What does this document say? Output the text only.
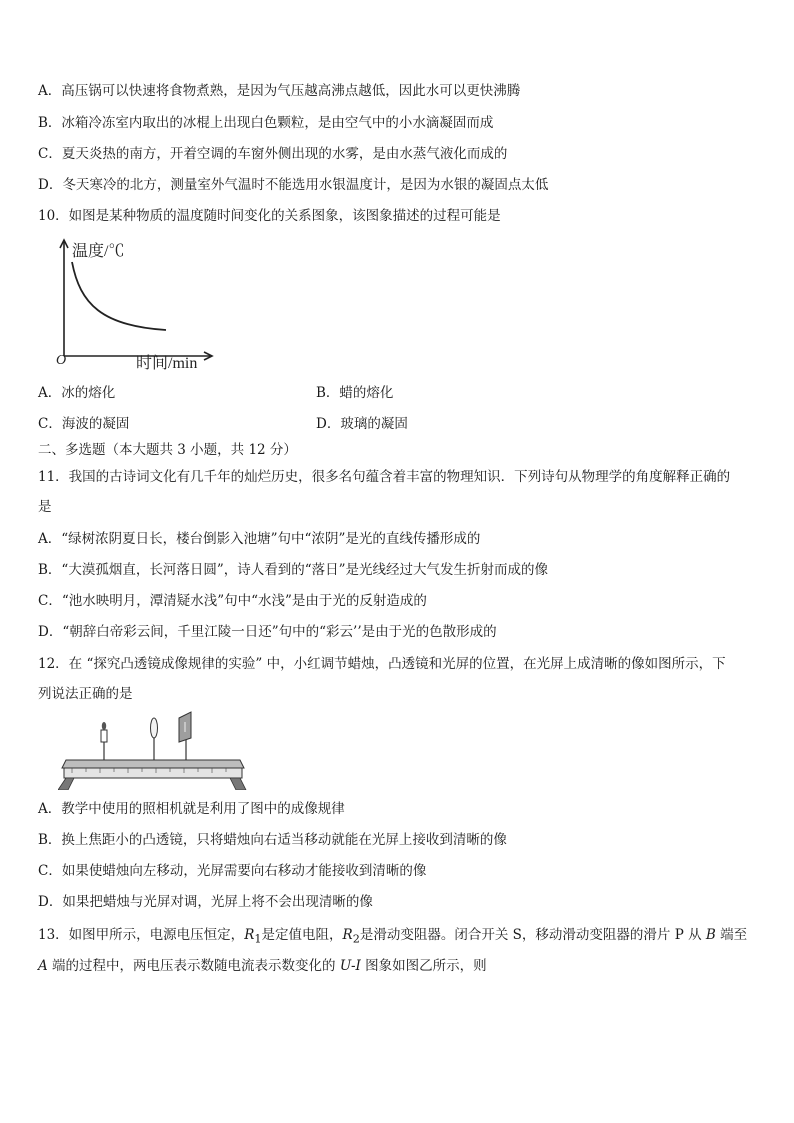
A．高压锅可以快速将食物煮熟，是因为气压越高沸点越低，因此水可以更快沸腾
B．冰箱冷冻室内取出的冰棍上出现白色颗粒，是由空气中的小水滴凝固而成
C．夏天炎热的南方，开着空调的车窗外侧出现的水雾，是由水蒸气液化而成的
D．冬天寒冷的北方，测量室外气温时不能选用水银温度计，是因为水银的凝固点太低
10．如图是某种物质的温度随时间变化的关系图象，该图象描述的过程可能是
温度/℃
O	时间/min
A．冰的熔化	B．蜡的熔化
C．海波的凝固	D．玻璃的凝固
二、多选题（本大题共 3 小题，共 12 分）
11．我国的古诗词文化有几千年的灿烂历史，很多名句蕴含着丰富的物理知识．下列诗句从物理学的角度解释正确的
是
A．“绿树浓阴夏日长，楼台倒影入池塘”句中“浓阴”是光的直线传播形成的
B．“大漠孤烟直，长河落日圆”，诗人看到的“落日”是光线经过大气发生折射而成的像
C．“池水映明月，潭清疑水浅”句中“水浅”是由于光的反射造成的
D．“朝辞白帝彩云间，千里江陵一日还”句中的“彩云’’是由于光的色散形成的
12．在 “探究凸透镜成像规律的实验” 中，小红调节蜡烛，凸透镜和光屏的位置，在光屏上成清晰的像如图所示，下
列说法正确的是
A．教学中使用的照相机就是利用了图中的成像规律
B．换上焦距小的凸透镜，只将蜡烛向右适当移动就能在光屏上接收到清晰的像
C．如果使蜡烛向左移动，光屏需要向右移动才能接收到清晰的像
D．如果把蜡烛与光屏对调，光屏上将不会出现清晰的像
13．如图甲所示，电源电压恒定，$R_1$是定值电阻，$R_2$是滑动变阻器。闭合开关 S，移动滑动变阻器的滑片 P 从 B 端至
A 端的过程中，两电压表示数随电流表示数变化的 U-I 图象如图乙所示，则
